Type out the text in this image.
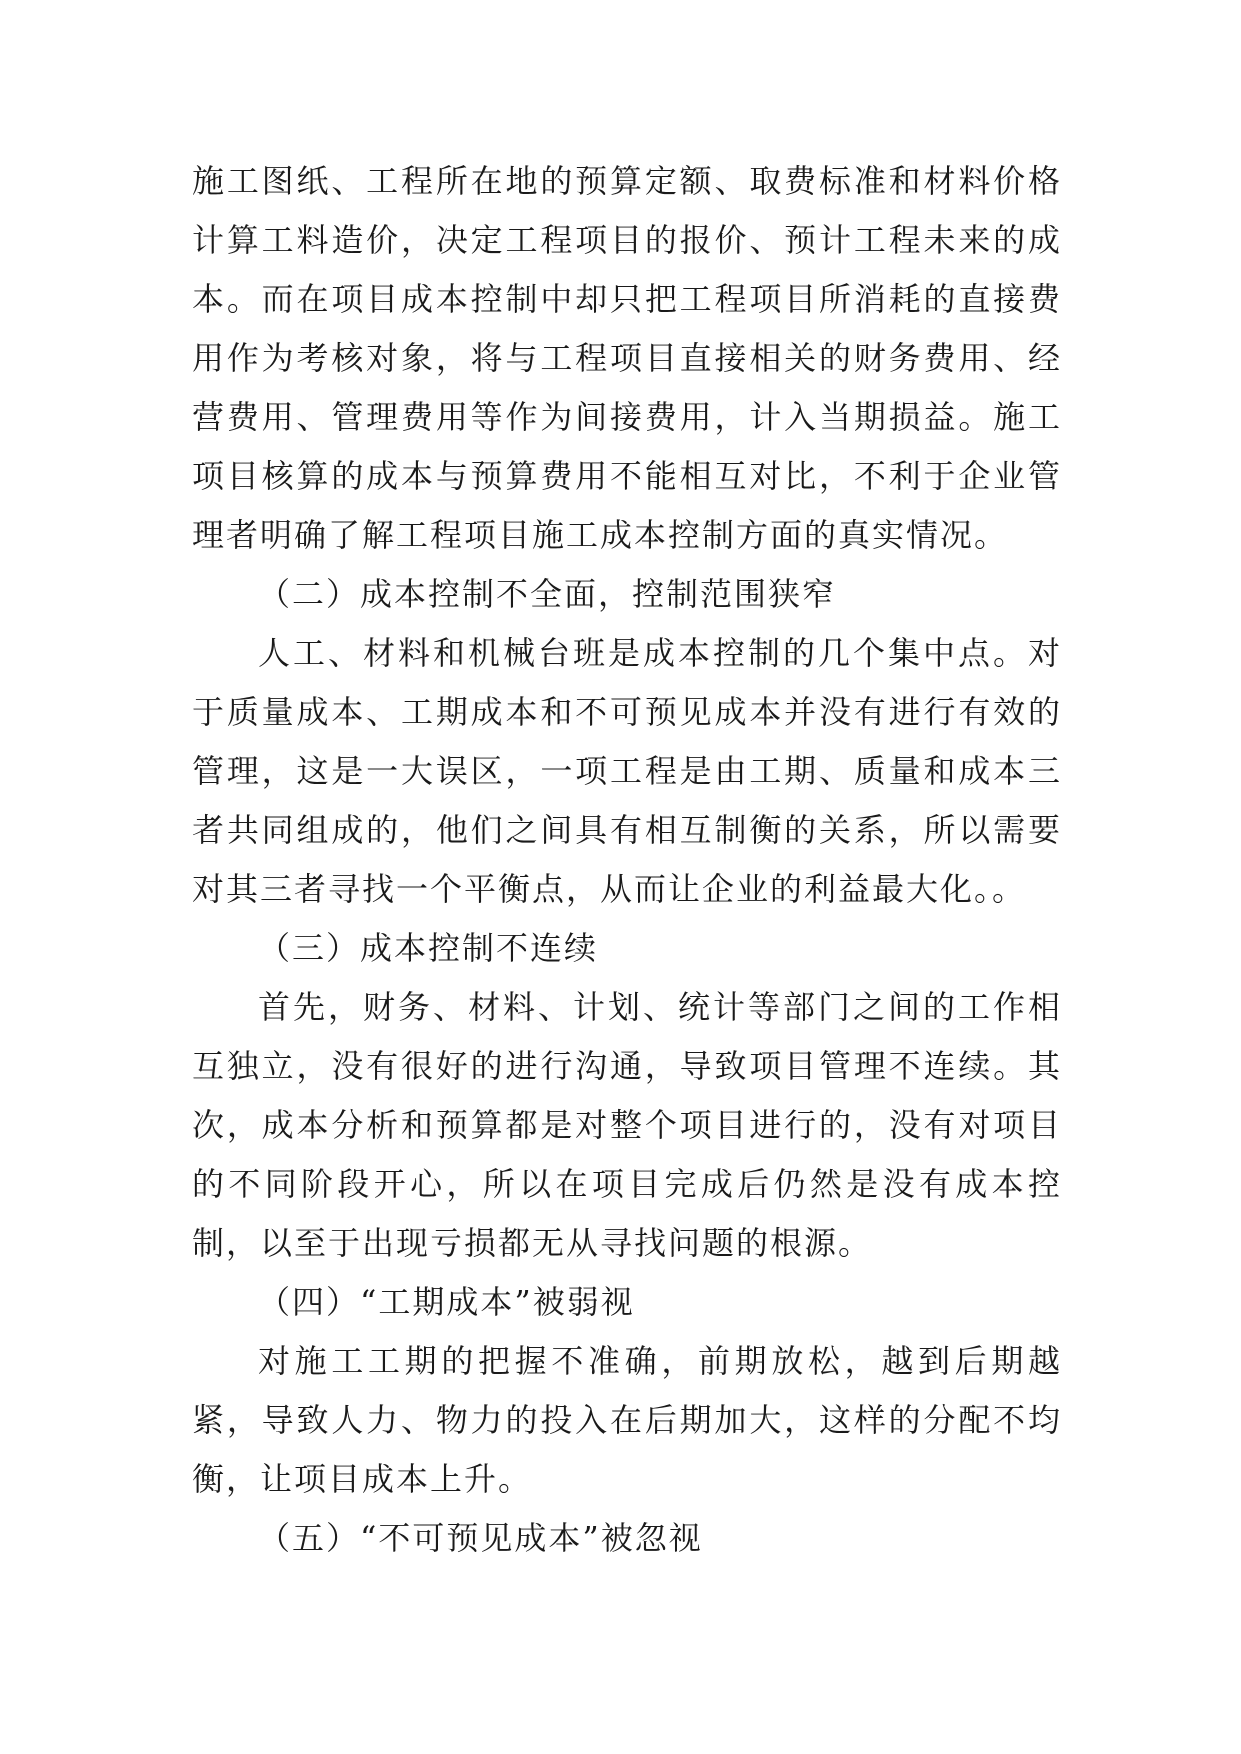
施工图纸、工程所在地的预算定额、取费标准和材料价格计算工料造价，决定工程项目的报价、预计工程未来的成本。而在项目成本控制中却只把工程项目所消耗的直接费用作为考核对象，将与工程项目直接相关的财务费用、经营费用、管理费用等作为间接费用，计入当期损益。施工项目核算的成本与预算费用不能相互对比，不利于企业管理者明确了解工程项目施工成本控制方面的真实情况。

（二）成本控制不全面，控制范围狭窄

人工、材料和机械台班是成本控制的几个集中点。对于质量成本、工期成本和不可预见成本并没有进行有效的管理，这是一大误区，一项工程是由工期、质量和成本三者共同组成的，他们之间具有相互制衡的关系，所以需要对其三者寻找一个平衡点，从而让企业的利益最大化。。

（三）成本控制不连续

首先，财务、材料、计划、统计等部门之间的工作相互独立，没有很好的进行沟通，导致项目管理不连续。其次，成本分析和预算都是对整个项目进行的，没有对项目的不同阶段开心，所以在项目完成后仍然是没有成本控制，以至于出现亏损都无从寻找问题的根源。

（四）“工期成本”被弱视

对施工工期的把握不准确，前期放松，越到后期越紧，导致人力、物力的投入在后期加大，这样的分配不均衡，让项目成本上升。

（五）“不可预见成本”被忽视
